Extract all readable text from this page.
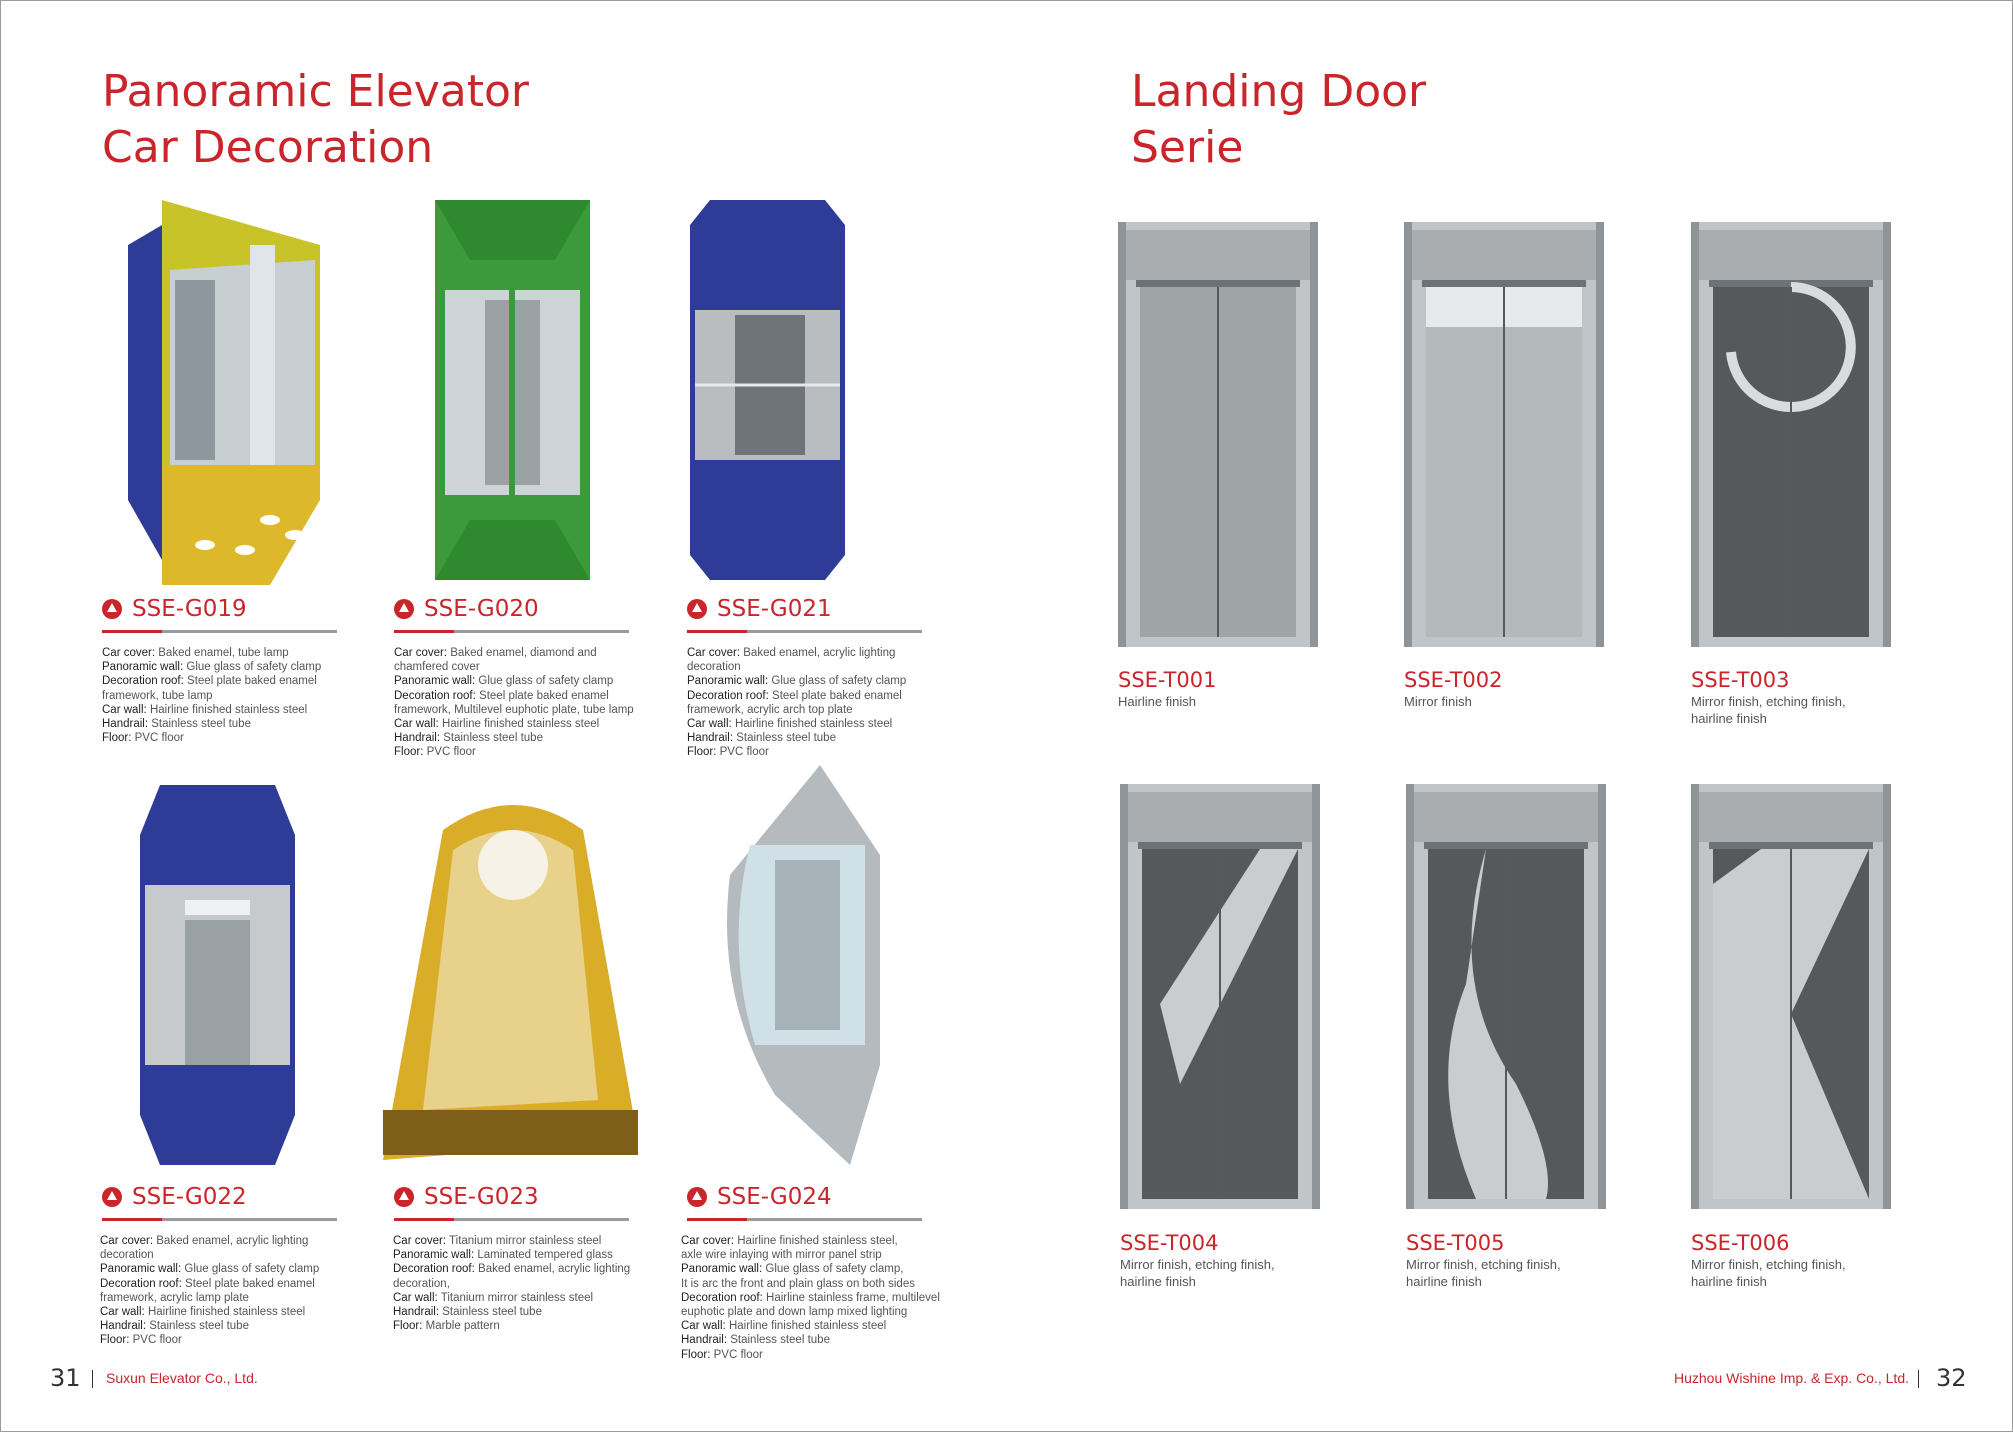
Panoramic Elevator
Car Decoration
Landing Door
Serie
SSE-G019	SSE-G020	SSE-G021
SSE-G022	SSE-G023	SSE-G024
Car cover: Baked enamel, tube lamp
Panoramic wall: Glue glass of safety clamp
Decoration roof: Steel plate baked enamel
framework, tube lamp
Car wall: Hairline finished stainless steel
Handrail: Stainless steel tube
Floor: PVC floor
Car cover: Baked enamel, diamond and
chamfered cover
Panoramic wall: Glue glass of safety clamp
Decoration roof: Steel plate baked enamel
framework, Multilevel euphotic plate, tube lamp
Car wall: Hairline finished stainless steel
Handrail: Stainless steel tube
Floor: PVC floor
Car cover: Baked enamel, acrylic lighting
decoration
Panoramic wall: Glue glass of safety clamp
Decoration roof: Steel plate baked enamel
framework, acrylic arch top plate
Car wall: Hairline finished stainless steel
Handrail: Stainless steel tube
Floor: PVC floor
Car cover: Baked enamel, acrylic lighting
decoration
Panoramic wall: Glue glass of safety clamp
Decoration roof: Steel plate baked enamel
framework, acrylic lamp plate
Car wall: Hairline finished stainless steel
Handrail: Stainless steel tube
Floor: PVC floor
Car cover: Titanium mirror stainless steel
Panoramic wall: Laminated tempered glass
Decoration roof: Baked enamel, acrylic lighting
decoration,
Car wall: Titanium mirror stainless steel
Handrail: Stainless steel tube
Floor: Marble pattern
Car cover: Hairline finished stainless steel,
axle wire inlaying with mirror panel strip
Panoramic wall: Glue glass of safety clamp,
It is arc the front and plain glass on both sides
Decoration roof: Hairline stainless frame, multilevel
euphotic plate and down lamp mixed lighting
Car wall: Hairline finished stainless steel
Handrail: Stainless steel tube
Floor: PVC floor
SSE-T001
Hairline finish
SSE-T002
Mirror finish
SSE-T003
Mirror finish, etching finish,
hairline finish
SSE-T004
Mirror finish, etching finish,
hairline finish
SSE-T005
Mirror finish, etching finish,
hairline finish
SSE-T006
Mirror finish, etching finish,
hairline finish
31 Suxun Elevator Co., Ltd.	Huzhou Wishine Imp. & Exp. Co., Ltd. 32
